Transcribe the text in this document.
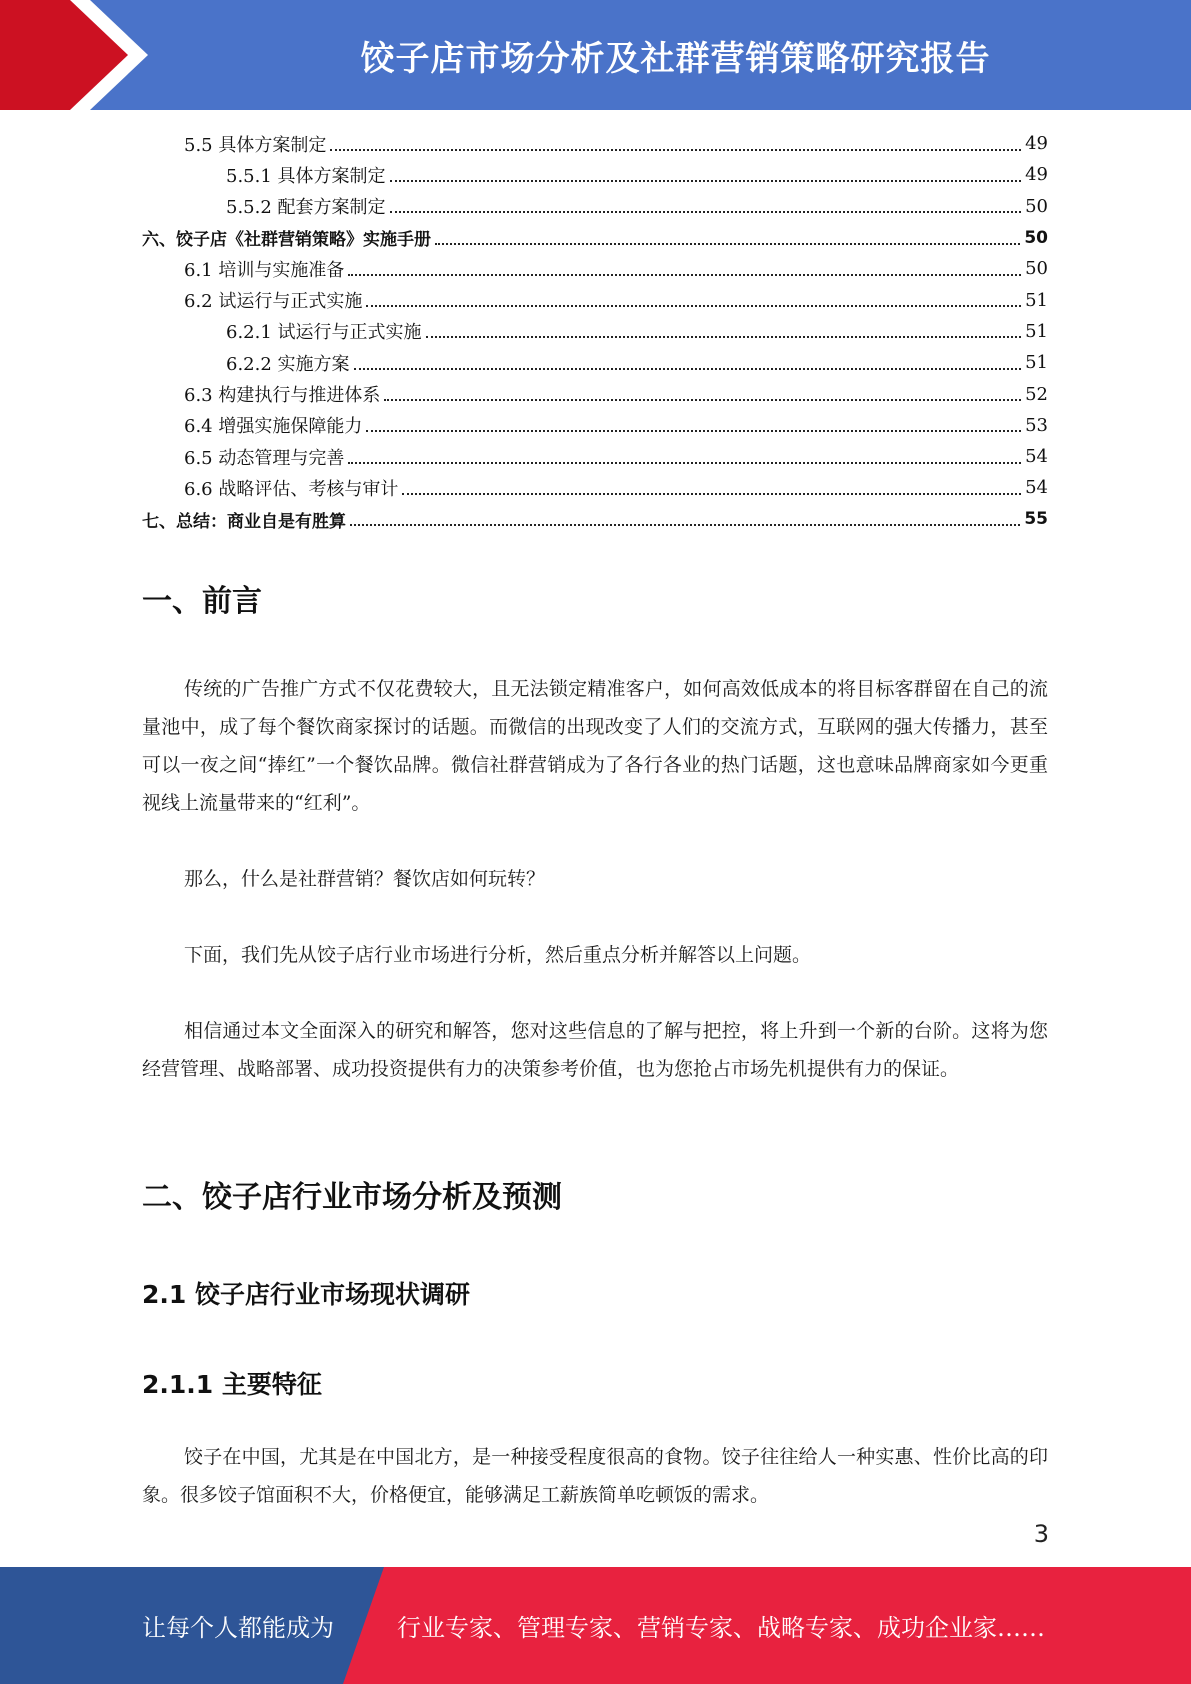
饺子店市场分析及社群营销策略研究报告
5.5 具体方案制定	49
5.5.1 具体方案制定	49
5.5.2 配套方案制定	50
六、饺子店《社群营销策略》实施手册	50
6.1 培训与实施准备	50
6.2 试运行与正式实施	51
6.2.1 试运行与正式实施	51
6.2.2 实施方案	51
6.3 构建执行与推进体系	52
6.4 增强实施保障能力	53
6.5 动态管理与完善	54
6.6 战略评估、考核与审计	54
七、总结：商业自是有胜算	55
一、前言
传统的广告推广方式不仅花费较大，且无法锁定精准客户，如何高效低成本的将目标客群留在自己的流量池中，成了每个餐饮商家探讨的话题。而微信的出现改变了人们的交流方式，互联网的强大传播力，甚至可以一夜之间“捧红”一个餐饮品牌。微信社群营销成为了各行各业的热门话题，这也意味品牌商家如今更重视线上流量带来的“红利”。
那么，什么是社群营销？餐饮店如何玩转？
下面，我们先从饺子店行业市场进行分析，然后重点分析并解答以上问题。
相信通过本文全面深入的研究和解答，您对这些信息的了解与把控，将上升到一个新的台阶。这将为您经营管理、战略部署、成功投资提供有力的决策参考价值，也为您抢占市场先机提供有力的保证。
二、饺子店行业市场分析及预测
2.1 饺子店行业市场现状调研
2.1.1 主要特征
饺子在中国，尤其是在中国北方，是一种接受程度很高的食物。饺子往往给人一种实惠、性价比高的印象。很多饺子馆面积不大，价格便宜，能够满足工薪族简单吃顿饭的需求。
3
让每个人都能成为	行业专家、管理专家、营销专家、战略专家、成功企业家……
